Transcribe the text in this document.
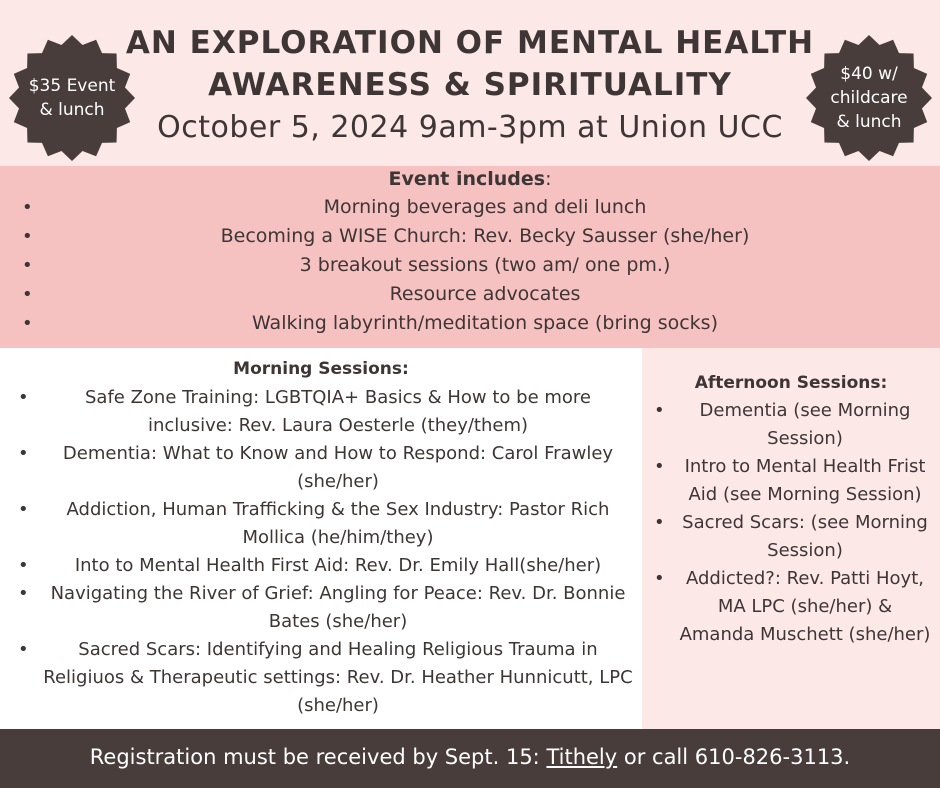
$35 Event
& lunch
$40 w/
childcare
& lunch
AN EXPLORATION OF MENTAL HEALTH
AWARENESS & SPIRITUALITY
October 5, 2024 9am-3pm at Union UCC
Event includes:
• Morning beverages and deli lunch
• Becoming a WISE Church: Rev. Becky Sausser (she/her)
• 3 breakout sessions (two am/ one pm.)
• Resource advocates
• Walking labyrinth/meditation space (bring socks)
Morning Sessions:
• Safe Zone Training: LGBTQIA+ Basics & How to be more inclusive: Rev. Laura Oesterle (they/them)
• Dementia: What to Know and How to Respond: Carol Frawley (she/her)
• Addiction, Human Trafficking & the Sex Industry: Pastor Rich Mollica (he/him/they)
• Into to Mental Health First Aid: Rev. Dr. Emily Hall(she/her)
• Navigating the River of Grief: Angling for Peace: Rev. Dr. Bonnie Bates (she/her)
• Sacred Scars: Identifying and Healing Religious Trauma in Religiuos & Therapeutic settings: Rev. Dr. Heather Hunnicutt, LPC (she/her)
Afternoon Sessions:
• Dementia (see Morning Session)
• Intro to Mental Health Frist Aid (see Morning Session)
• Sacred Scars: (see Morning Session)
• Addicted?: Rev. Patti Hoyt, MA LPC (she/her) & Amanda Muschett (she/her)
Registration must be received by Sept. 15: Tithely or call 610-826-3113.
